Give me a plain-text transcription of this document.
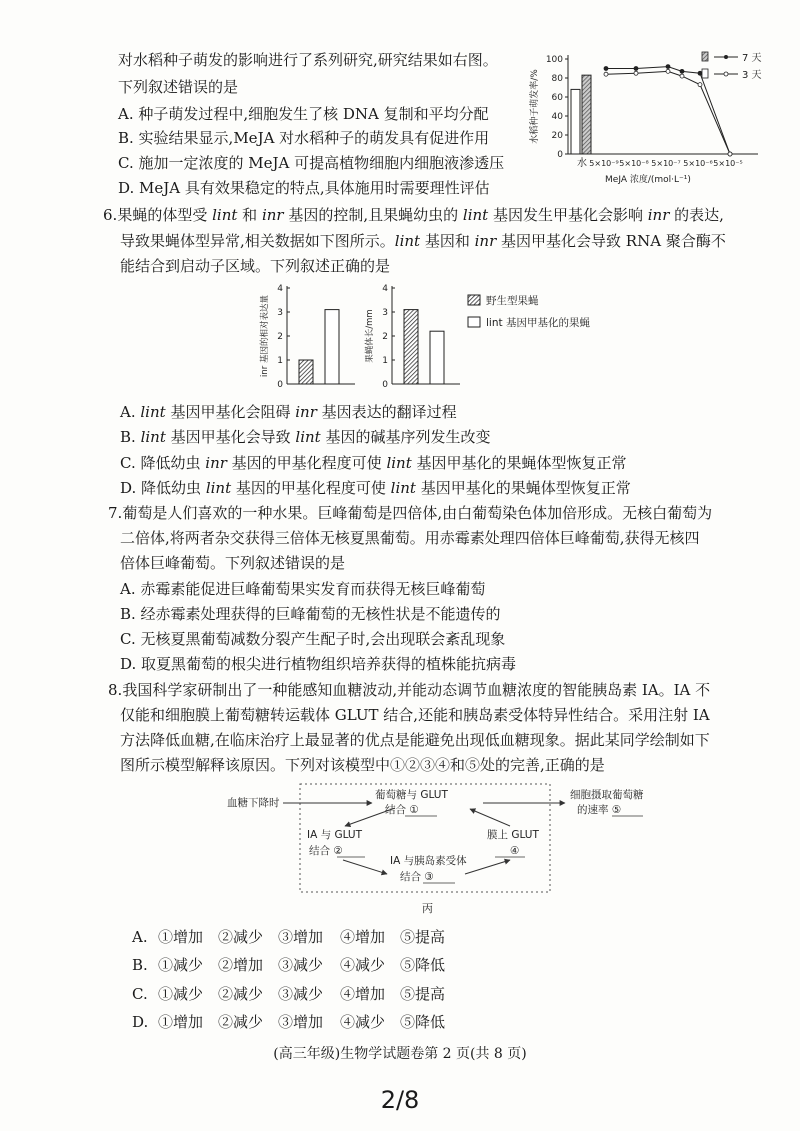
对水稻种子萌发的影响进行了系列研究,研究结果如右图。
下列叙述错误的是
A. 种子萌发过程中,细胞发生了核 DNA 复制和平均分配
B. 实验结果显示,MeJA 对水稻种子的萌发具有促进作用
C. 施加一定浓度的 MeJA 可提高植物细胞内细胞液渗透压
D. MeJA 具有效果稳定的特点,具体施用时需要理性评估
0
20
40
60
80
100
水稻种子萌发率/%
水 5×10⁻⁹ 5×10⁻⁸ 5×10⁻⁷ 5×10⁻⁶ 5×10⁻⁵
MeJA 浓度/(mol·L⁻¹)
7 天
3 天
6.果蝇的体型受 lint 和 inr 基因的控制,且果蝇幼虫的 lint 基因发生甲基化会影响 inr 的表达,
导致果蝇体型异常,相关数据如下图所示。lint 基因和 inr 基因甲基化会导致 RNA 聚合酶不
能结合到启动子区域。下列叙述正确的是
0
1
2
3
4
inr 基因的相对表达量
0
1
2
3
4
果蝇体长/mm
野生型果蝇
lint 基因甲基化的果蝇
A. lint 基因甲基化会阻碍 inr 基因表达的翻译过程
B. lint 基因甲基化会导致 lint 基因的碱基序列发生改变
C. 降低幼虫 inr 基因的甲基化程度可使 lint 基因甲基化的果蝇体型恢复正常
D. 降低幼虫 lint 基因的甲基化程度可使 lint 基因甲基化的果蝇体型恢复正常
7.葡萄是人们喜欢的一种水果。巨峰葡萄是四倍体,由白葡萄染色体加倍形成。无核白葡萄为
二倍体,将两者杂交获得三倍体无核夏黑葡萄。用赤霉素处理四倍体巨峰葡萄,获得无核四
倍体巨峰葡萄。下列叙述错误的是
A. 赤霉素能促进巨峰葡萄果实发育而获得无核巨峰葡萄
B. 经赤霉素处理获得的巨峰葡萄的无核性状是不能遗传的
C. 无核夏黑葡萄减数分裂产生配子时,会出现联会紊乱现象
D. 取夏黑葡萄的根尖进行植物组织培养获得的植株能抗病毒
8.我国科学家研制出了一种能感知血糖波动,并能动态调节血糖浓度的智能胰岛素 IA。IA 不
仅能和细胞膜上葡萄糖转运载体 GLUT 结合,还能和胰岛素受体特异性结合。采用注射 IA
方法降低血糖,在临床治疗上最显著的优点是能避免出现低血糖现象。据此某同学绘制如下
图所示模型解释该原因。下列对该模型中①②③④和⑤处的完善,正确的是
血糖下降时
葡萄糖与 GLUT
结合 ①
细胞摄取葡萄糖
的速率 ⑤
IA 与 GLUT
结合 ②
膜上 GLUT
④
IA 与胰岛素受体
结合 ③
丙
A. ①增加 ②减少 ③增加 ④增加 ⑤提高
B. ①减少 ②增加 ③减少 ④减少 ⑤降低
C. ①减少 ②减少 ③减少 ④增加 ⑤提高
D. ①增加 ②减少 ③增加 ④减少 ⑤降低
(高三年级)生物学试题卷第 2 页(共 8 页)
2/8
